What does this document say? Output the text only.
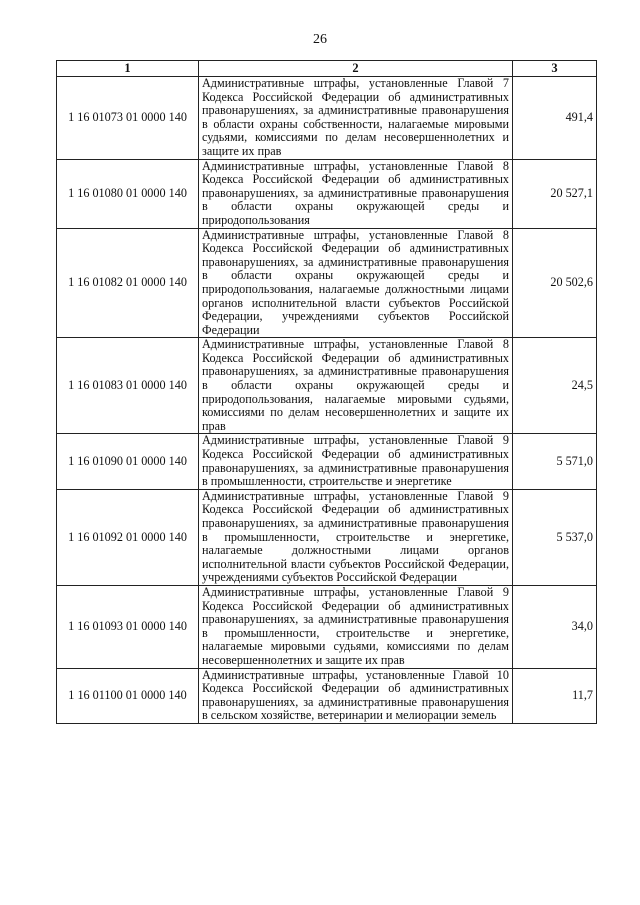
26
1	2	3
1 16 01073 01 0000 140	Административные штрафы, установленные Главой 7 Кодекса Российской Федерации об административных правонарушениях, за административные правонарушения в области охраны собственности, налагаемые мировыми судьями, комиссиями по делам несовершеннолетних и защите их прав	491,4
1 16 01080 01 0000 140	Административные штрафы, установленные Главой 8 Кодекса Российской Федерации об административных правонарушениях, за административные правонарушения в области охраны окружающей среды и природопользования	20 527,1
1 16 01082 01 0000 140	Административные штрафы, установленные Главой 8 Кодекса Российской Федерации об административных правонарушениях, за административные правонарушения в области охраны окружающей среды и природопользования, налагаемые должностными лицами органов исполнительной власти субъектов Российской Федерации, учреждениями субъектов Российской Федерации	20 502,6
1 16 01083 01 0000 140	Административные штрафы, установленные Главой 8 Кодекса Российской Федерации об административных правонарушениях, за административные правонарушения в области охраны окружающей среды и природопользования, налагаемые мировыми судьями, комиссиями по делам несовершеннолетних и защите их прав	24,5
1 16 01090 01 0000 140	Административные штрафы, установленные Главой 9 Кодекса Российской Федерации об административных правонарушениях, за административные правонарушения в промышленности, строительстве и энергетике	5 571,0
1 16 01092 01 0000 140	Административные штрафы, установленные Главой 9 Кодекса Российской Федерации об административных правонарушениях, за административные правонарушения в промышленности, строительстве и энергетике, налагаемые должностными лицами органов исполнительной власти субъектов Российской Федерации, учреждениями субъектов Российской Федерации	5 537,0
1 16 01093 01 0000 140	Административные штрафы, установленные Главой 9 Кодекса Российской Федерации об административных правонарушениях, за административные правонарушения в промышленности, строительстве и энергетике, налагаемые мировыми судьями, комиссиями по делам несовершеннолетних и защите их прав	34,0
1 16 01100 01 0000 140	Административные штрафы, установленные Главой 10 Кодекса Российской Федерации об административных правонарушениях, за административные правонарушения в сельском хозяйстве, ветеринарии и мелиорации земель	11,7
